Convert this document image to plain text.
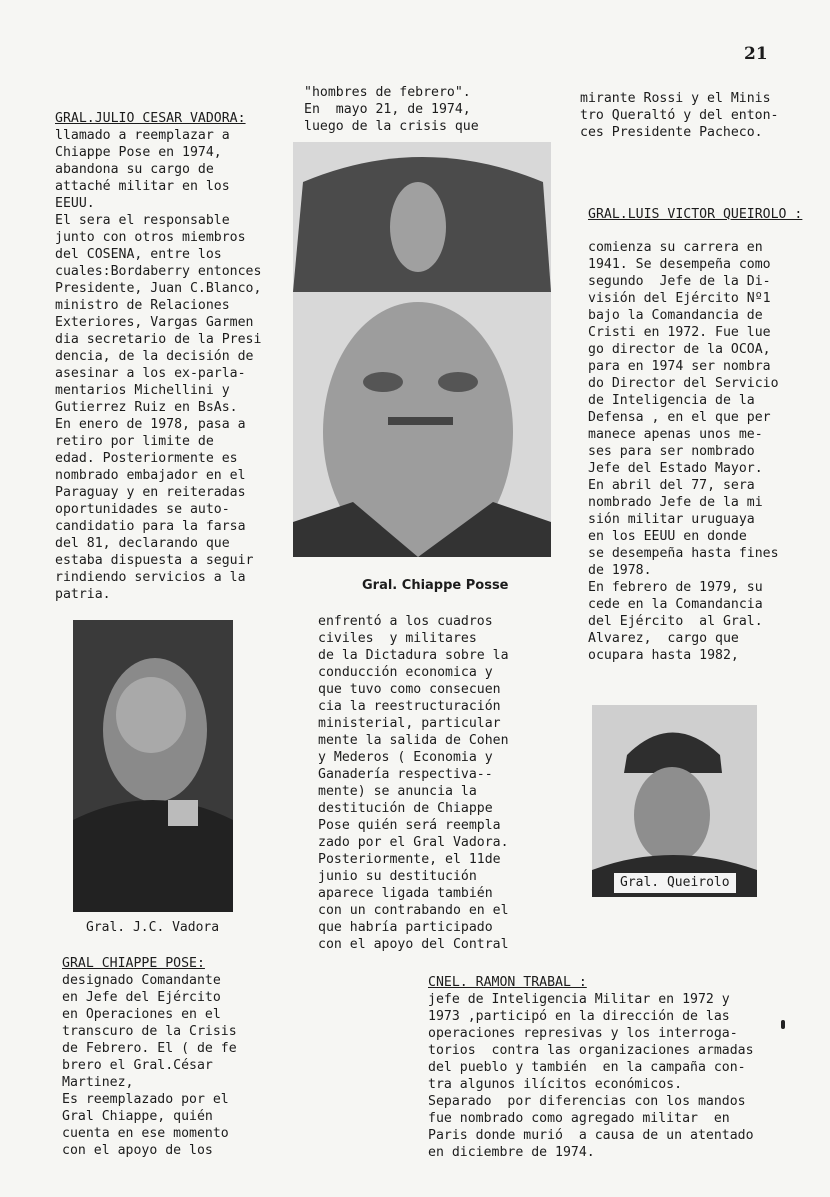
21
GRAL.JULIO CESAR VADORA:
llamado a reemplazar a
Chiappe Pose en 1974,
abandona su cargo de
attaché militar en los
EEUU.
El sera el responsable
junto con otros miembros
del COSENA, entre los
cuales:Bordaberry entonces
Presidente, Juan C.Blanco,
ministro de Relaciones
Exteriores, Vargas Garmen
dia secretario de la Presi
dencia, de la decisión de
asesinar a los ex-parla-
mentarios Michellini y
Gutierrez Ruiz en BsAs.
En enero de 1978, pasa a
retiro por limite de
edad. Posteriormente es
nombrado embajador en el
Paraguay y en reiteradas
oportunidades se auto-
candidatio para la farsa
del 81, declarando que
estaba dispuesta a seguir
rindiendo servicios a la
patria.
Gral. J.C. Vadora
GRAL CHIAPPE POSE:
designado Comandante
en Jefe del Ejército
en Operaciones en el
transcuro de la Crisis
de Febrero. El ( de fe
brero el Gral.César
Martinez,
Es reemplazado por el
Gral Chiappe, quién
cuenta en ese momento
con el apoyo de los
"hombres de febrero".
En  mayo 21, de 1974,
luego de la crisis que
Gral. Chiappe Posse
enfrentó a los cuadros
civiles  y militares
de la Dictadura sobre la
conducción economica y
que tuvo como consecuen
cia la reestructuración
ministerial, particular
mente la salida de Cohen
y Mederos ( Economia y
Ganadería respectiva--
mente) se anuncia la
destitución de Chiappe
Pose quién será reempla
zado por el Gral Vadora.
Posteriormente, el 11de
junio su destitución
aparece ligada también
con un contrabando en el
que habría participado
con el apoyo del Contral
mirante Rossi y el Minis
tro Queraltó y del enton-
ces Presidente Pacheco.
GRAL.LUIS VICTOR QUEIROLO :
comienza su carrera en
1941. Se desempeña como
segundo  Jefe de la Di-
visión del Ejército Nº1
bajo la Comandancia de
Cristi en 1972. Fue lue
go director de la OCOA,
para en 1974 ser nombra
do Director del Servicio
de Inteligencia de la
Defensa , en el que per
manece apenas unos me-
ses para ser nombrado
Jefe del Estado Mayor.
En abril del 77, sera
nombrado Jefe de la mi
sión militar uruguaya
en los EEUU en donde
se desempeña hasta fines
de 1978.
En febrero de 1979, su
cede en la Comandancia
del Ejército  al Gral.
Alvarez,  cargo que
ocupara hasta 1982,
Gral. Queirolo
CNEL. RAMON TRABAL :
jefe de Inteligencia Militar en 1972 y
1973 ,participó en la dirección de las
operaciones represivas y los interroga-
torios  contra las organizaciones armadas
del pueblo y también  en la campaña con-
tra algunos ilícitos económicos.
Separado  por diferencias con los mandos
fue nombrado como agregado militar  en
Paris donde murió  a causa de un atentado
en diciembre de 1974.
